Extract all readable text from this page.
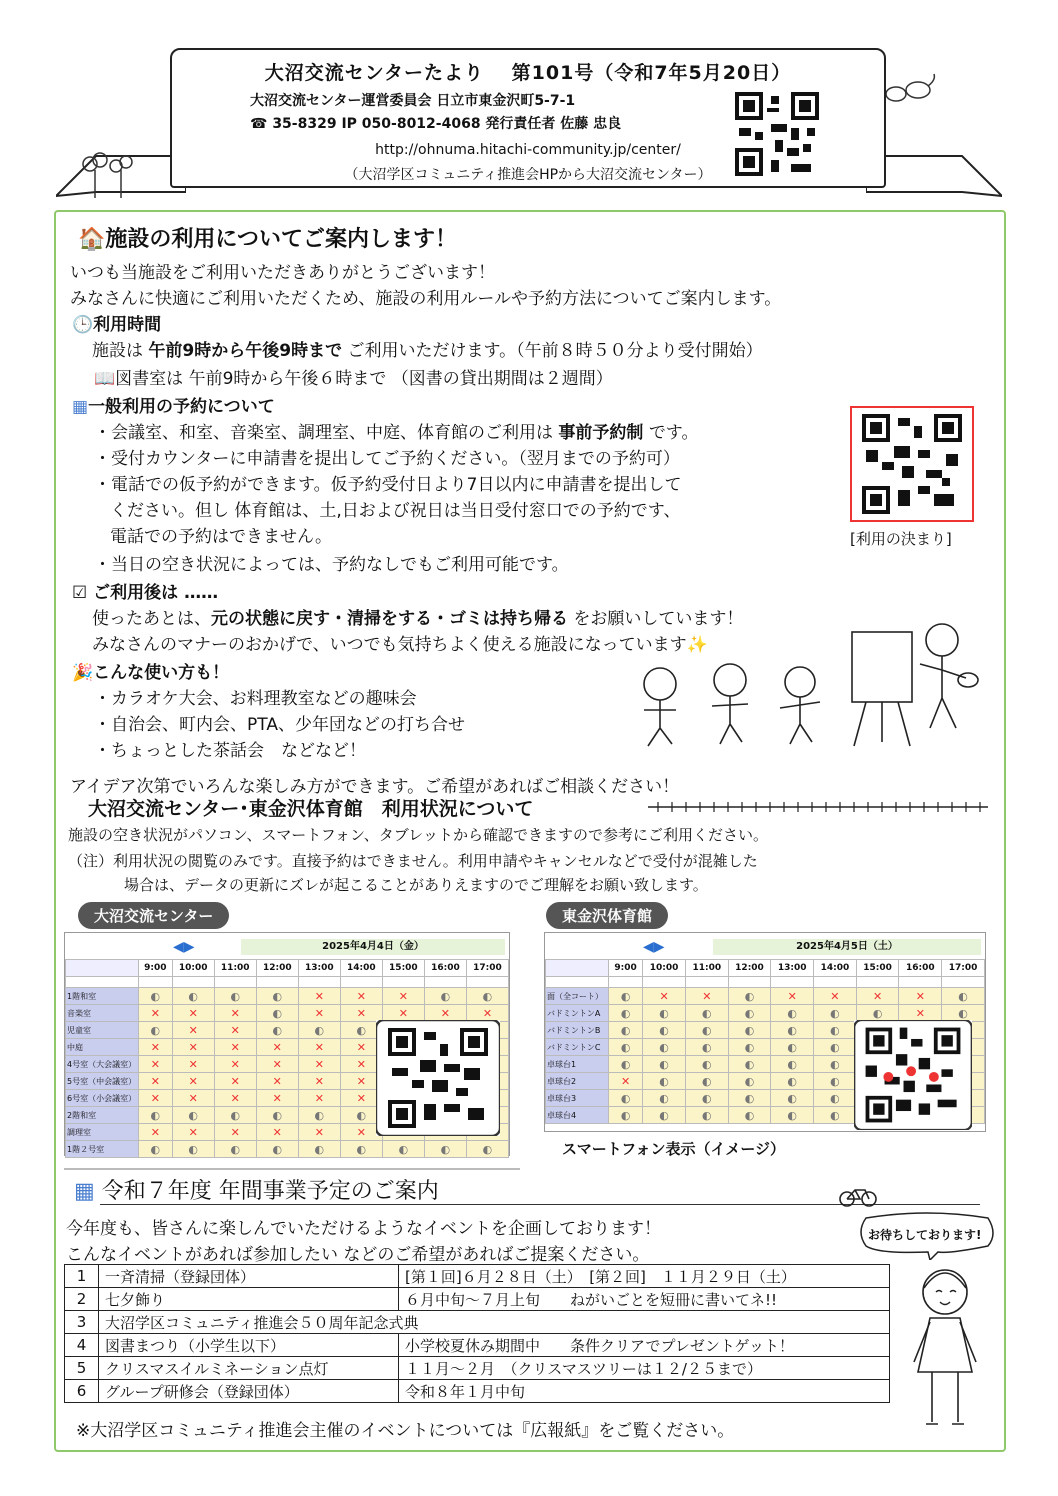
大沼交流センターたより　 第101号（令和7年5月20日）
大沼交流センター運営委員会 日立市東金沢町5-7-1
☎ 35-8329 IP 050-8012-4068 発行責任者 佐藤 忠良
http://ohnuma.hitachi-community.jp/center/
（大沼学区コミュニティ推進会HPから大沼交流センター）
🏠施設の利用についてご案内します！
いつも当施設をご利用いただきありがとうございます！
みなさんに快適にご利用いただくため、施設の利用ルールや予約方法についてご案内します。
🕒利用時間
施設は 午前9時から午後9時まで ご利用いただけます。（午前８時５０分より受付開始）
📖図書室は 午前9時から午後６時まで （図書の貸出期間は２週間）
▦一般利用の予約について
・会議室、和室、音楽室、調理室、中庭、体育館のご利用は 事前予約制 です。
・受付カウンターに申請書を提出してご予約ください。（翌月までの予約可）
・電話での仮予約ができます。仮予約受付日より7日以内に申請書を提出して
ください。但し 体育館は、土,日および祝日は当日受付窓口での予約です、
電話での予約はできません。
・当日の空き状況によっては、予約なしでもご利用可能です。
[利用の決まり]
☑ ご利用後は ……
使ったあとは、元の状態に戻す・清掃をする・ゴミは持ち帰る をお願いしています！
みなさんのマナーのおかげで、いつでも気持ちよく使える施設になっています✨
🎉こんな使い方も！
・カラオケ大会、お料理教室などの趣味会
・自治会、町内会、PTA、少年団などの打ち合せ
・ちょっとした茶話会　などなど！
アイデア次第でいろんな楽しみ方ができます。ご希望があればご相談ください！
大沼交流センター･東金沢体育館　利用状況について
施設の空き状況がパソコン、スマートフォン、タブレットから確認できますので参考にご利用ください。
（注）利用状況の閲覧のみです。直接予約はできません。利用申請やキャンセルなどで受付が混雑した
場合は、データの更新にズレが起こることがありえますのでご理解をお願い致します。
大沼交流センター	東金沢体育館
2025年4月4日（金）
◀▶
	9:00	10:00	11:00	12:00	13:00	14:00	15:00	16:00	17:00

1階和室	◐	◐	◐	◐	✕	✕	✕	◐	◐
音楽室	✕	✕	✕	◐	✕	✕	✕	✕	✕
児童室	◐	✕	✕	◐	◐	◐			
中庭	✕	✕	✕	✕	✕	✕			
4号室（大会議室）	✕	✕	✕	✕	✕	✕			
5号室（中会議室）	✕	✕	✕	✕	✕	✕			
6号室（小会議室）	✕	✕	✕	✕	✕	✕			
2階和室	◐	◐	◐	◐	◐	◐			
調理室	✕	✕	✕	✕	✕	✕			
1階２号室	◐	◐	◐	◐	◐	◐	◐	◐	◐
2025年4月5日（土）
◀▶
	9:00	10:00	11:00	12:00	13:00	14:00	15:00	16:00	17:00

面（全コート）	◐	✕	✕	◐	✕	✕	✕	✕	◐
バドミントンA	◐	◐	◐	◐	◐	◐	◐	✕	◐
バドミントンB	◐	◐	◐	◐	◐	◐			
バドミントンC	◐	◐	◐	◐	◐	◐			
卓球台1	◐	◐	◐	◐	◐	◐			
卓球台2	✕	◐	◐	◐	◐	◐			
卓球台3	◐	◐	◐	◐	◐	◐			
卓球台4	◐	◐	◐	◐	◐	◐			
スマートフォン表示（イメージ）
▦ 令和７年度 年間事業予定のご案内
今年度も、皆さんに楽しんでいただけるようなイベントを企画しております！
こんなイベントがあれば参加したい などのご希望があればご提案ください。
1	一斉清掃（登録団体）	[第１回]６月２８日（土）　[第２回]　１１月２９日（土）
2	七夕飾り	６月中旬～７月上旬　　ねがいごとを短冊に書いてネ!!
3	大沼学区コミュニティ推進会５０周年記念式典	
4	図書まつり（小学生以下）	小学校夏休み期間中　　条件クリアでプレゼントゲット！
5	クリスマスイルミネーション点灯	１１月～２月　（クリスマスツリーは１２/２５まで）
6	グループ研修会（登録団体）	令和８年１月中旬
※大沼学区コミュニティ推進会主催のイベントについては『広報紙』をご覧ください。
お待ちしております!
